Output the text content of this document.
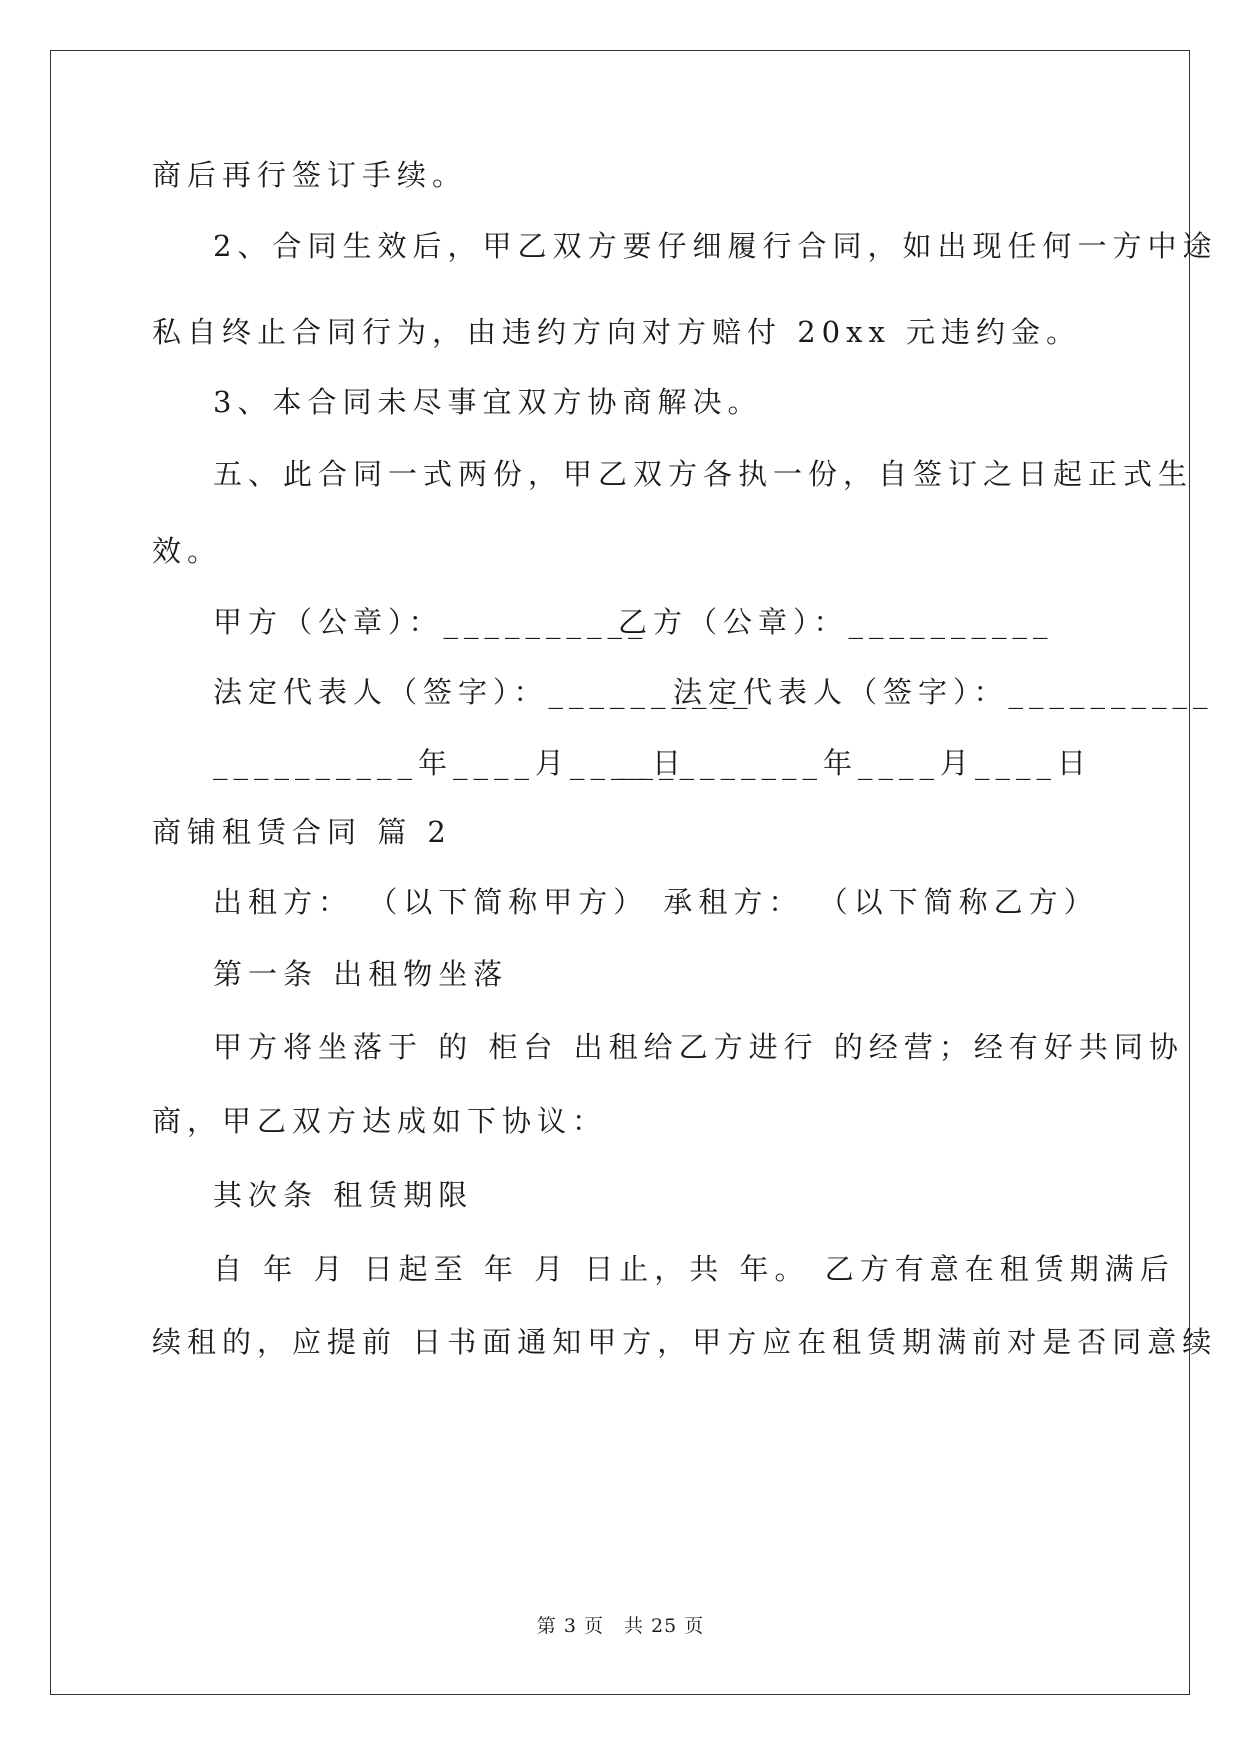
商后再行签订手续。
2、合同生效后，甲乙双方要仔细履行合同，如出现任何一方中途
私自终止合同行为，由违约方向对方赔付 20xx 元违约金。
3、本合同未尽事宜双方协商解决。
五、此合同一式两份，甲乙双方各执一份，自签订之日起正式生
效。
甲方（公章）：__________乙方（公章）：__________
法定代表人（签字）：__________法定代表人（签字）：__________
__________年____月____日__________年____月____日
商铺租赁合同 篇 2
出租方： （以下简称甲方） 承租方： （以下简称乙方）
第一条 出租物坐落
甲方将坐落于 的 柜台 出租给乙方进行 的经营；经有好共同协
商，甲乙双方达成如下协议：
其次条 租赁期限
自 年 月 日起至 年 月 日止，共 年。 乙方有意在租赁期满后
续租的，应提前 日书面通知甲方，甲方应在租赁期满前对是否同意续
第 3 页　共 25 页
